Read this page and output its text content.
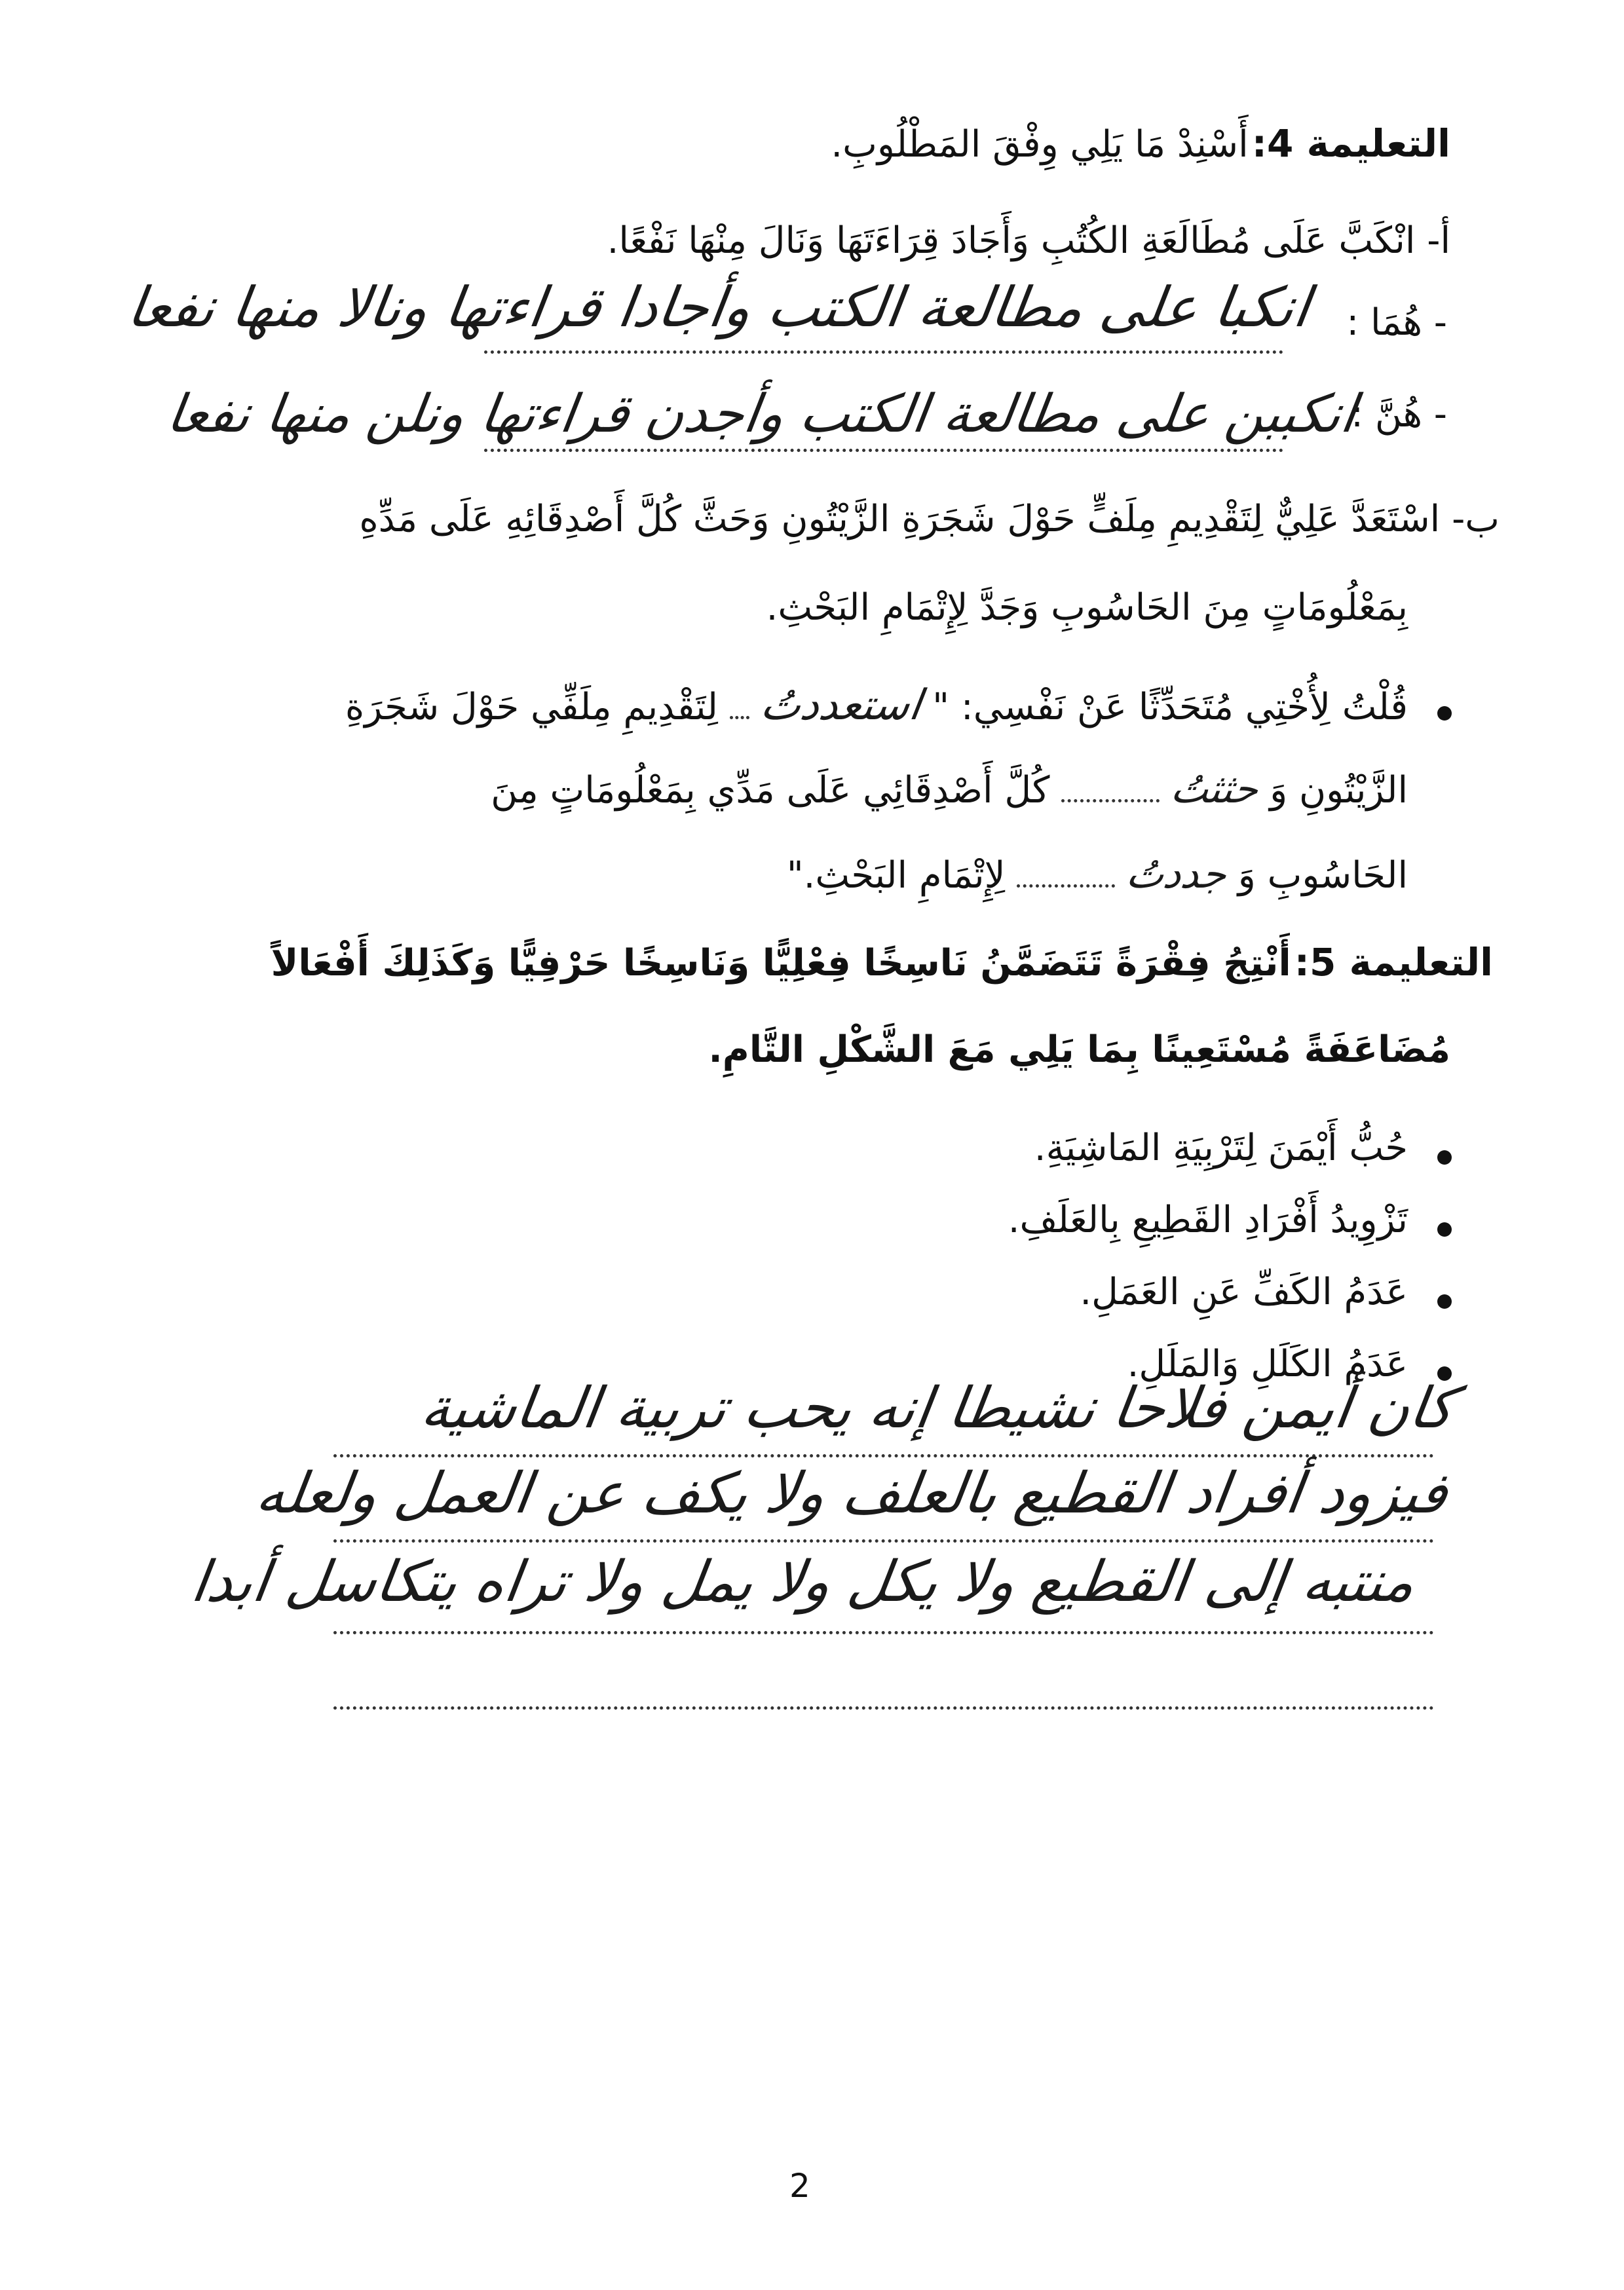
التعليمة 4: أَسْنِدْ مَا يَلِي وِفْقَ المَطْلُوبِ.
أ- انْكَبَّ عَلَى مُطَالَعَةِ الكُتُبِ وَأَجَادَ قِرَاءَتَهَا وَنَالَ مِنْهَا نَفْعًا.
- هُمَا :
انكبا على مطالعة الكتب وأجادا قراءتها ونالا منها نفعا
- هُنَّ :
انكببن على مطالعة الكتب وأجدن قراءتها ونلن منها نفعا
ب- اسْتَعَدَّ عَلِيٌّ لِتَقْدِيمِ مِلَفٍّ حَوْلَ شَجَرَةِ الزَّيْتُونِ وَحَثَّ كُلَّ أَصْدِقَائِهِ عَلَى مَدِّهِ
بِمَعْلُومَاتٍ مِنَ الحَاسُوبِ وَجَدَّ لِإِتْمَامِ البَحْثِ.
قُلْتُ لِأُخْتِي مُتَحَدِّثًا عَنْ نَفْسِي: " استعددتُ  لِتَقْدِيمِ مِلَفِّي حَوْلَ شَجَرَةِ
الزَّيْتُونِ وَ حثثتُ  كُلَّ أَصْدِقَائِي عَلَى مَدِّي بِمَعْلُومَاتٍ مِنَ
الحَاسُوبِ وَ جددتُ  لِإِتْمَامِ البَحْثِ."
التعليمة 5: أَنْتِجُ فِقْرَةً تَتَضَمَّنُ نَاسِخًا فِعْلِيًّا وَنَاسِخًا حَرْفِيًّا وَكَذَلِكَ أَفْعَالاً
مُضَاعَفَةً مُسْتَعِينًا بِمَا يَلِي مَعَ الشَّكْلِ التَّامِ.
حُبُّ أَيْمَنَ لِتَرْبِيَةِ المَاشِيَةِ.
تَزْوِيدُ أَفْرَادِ القَطِيعِ بِالعَلَفِ.
عَدَمُ الكَفِّ عَنِ العَمَلِ.
عَدَمُ الكَلَلِ وَالمَلَلِ.
كان أيمن فلاحا نشيطا إنه يحب تربية الماشية
فيزود أفراد القطيع بالعلف ولا يكف عن العمل ولعله
منتبه إلى القطيع ولا يكل ولا يمل ولا تراه يتكاسل أبدا
2
